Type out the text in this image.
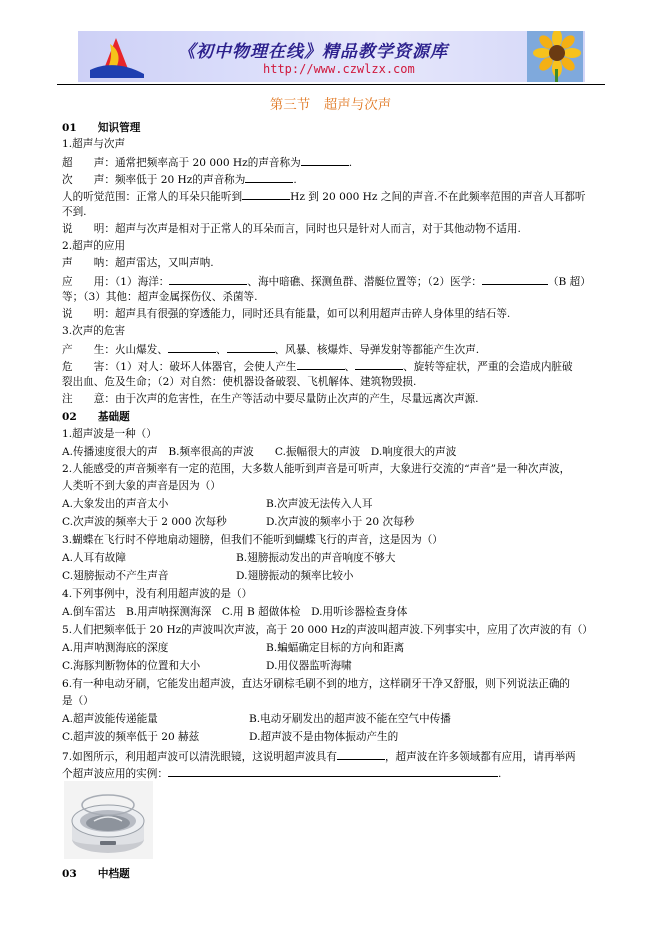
《初中物理在线》精品教学资源库
http://www.czwlzx.com
第三节　超声与次声
01　　知识管理
1.超声与次声
超　　声：通常把频率高于 20 000 Hz的声音称为	.
次　　声：频率低于 20 Hz的声音称为	.
人的听觉范围：正常人的耳朵只能听到	Hz 到 20 000 Hz 之间的声音.不在此频率范围的声音人耳都听
不到.
说　　明：超声与次声是相对于正常人的耳朵而言，同时也只是针对人而言，对于其他动物不适用.
2.超声的应用
声　　呐：超声雷达，又叫声呐.
应　　用：（1）海洋：	、海中暗礁、探测鱼群、潜艇位置等；（2）医学：	（B 超）
等；（3）其他：超声金属探伤仪、杀菌等.
说　　明：超声具有很强的穿透能力，同时还具有能量，如可以利用超声击碎人身体里的结石等.
3.次声的危害
产　　生：火山爆发、	、	、风暴、核爆炸、导弹发射等都能产生次声.
危　　害：（1）对人：破坏人体器官，会使人产生	、	、旋转等症状，严重的会造成内脏破
裂出血、危及生命；（2）对自然：使机器设备破裂、飞机解体、建筑物毁损.
注　　意：由于次声的危害性，在生产等活动中要尽量防止次声的产生，尽量远离次声源.
02　　基础题
1.超声波是一种（）
A.传播速度很大的声　B.频率很高的声波　　C.振幅很大的声波　D.响度很大的声波
2.人能感受的声音频率有一定的范围，大多数人能听到声音是可听声，大象进行交流的“声音”是一种次声波，
人类听不到大象的声音是因为（）
A.大象发出的声音太小	B.次声波无法传入人耳
C.次声波的频率大于 2 000 次每秒	D.次声波的频率小于 20 次每秒
3.蝴蝶在飞行时不停地扇动翅膀，但我们不能听到蝴蝶飞行的声音，这是因为（）
A.人耳有故障	B.翅膀振动发出的声音响度不够大
C.翅膀振动不产生声音	D.翅膀振动的频率比较小
4.下列事例中，没有利用超声波的是（）
A.倒车雷达　B.用声呐探测海深　C.用 B 超做体检　D.用听诊器检查身体
5.人们把频率低于 20 Hz的声波叫次声波，高于 20 000 Hz的声波叫超声波.下列事实中，应用了次声波的有（）
A.用声呐测海底的深度	B.蝙蝠确定目标的方向和距离
C.海豚判断物体的位置和大小	D.用仪器监听海啸
6.有一种电动牙刷，它能发出超声波，直达牙刷棕毛刷不到的地方，这样刷牙干净又舒服，则下列说法正确的
是（）
A.超声波能传递能量	B.电动牙刷发出的超声波不能在空气中传播
C.超声波的频率低于 20 赫兹	D.超声波不是由物体振动产生的
7.如图所示，利用超声波可以清洗眼镜，这说明超声波具有	，超声波在许多领域都有应用，请再举两
个超声波应用的实例：	.
03　　中档题
